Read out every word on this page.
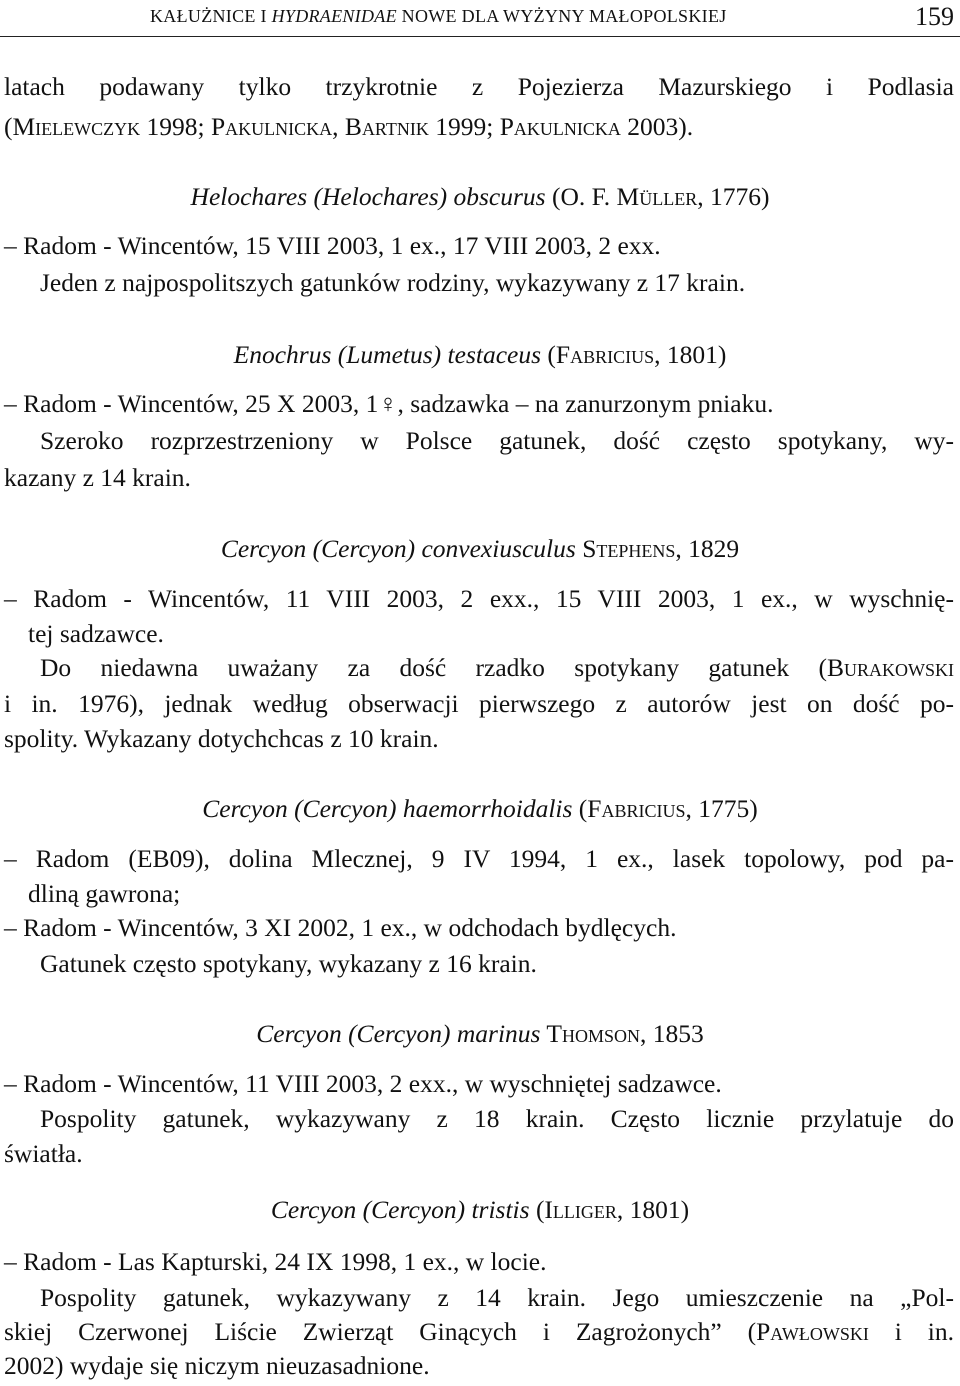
KAŁUŻNICE I HYDRAENIDAE NOWE DLA WYŻYNY MAŁOPOLSKIEJ	159
latach podawany tylko trzykrotnie z Pojezierza Mazurskiego i Podlasia
(Mielewczyk 1998; Pakulnicka, Bartnik 1999; Pakulnicka 2003).
Helochares (Helochares) obscurus (O. F. Müller, 1776)
– Radom - Wincentów, 15 VIII 2003, 1 ex., 17 VIII 2003, 2 exx.
Jeden z najpospolitszych gatunków rodziny, wykazywany z 17 krain.
Enochrus (Lumetus) testaceus (Fabricius, 1801)
– Radom - Wincentów, 25 X 2003, 1♀, sadzawka – na zanurzonym pniaku.
Szeroko rozprzestrzeniony w Polsce gatunek, dość często spotykany, wy-
kazany z 14 krain.
Cercyon (Cercyon) convexiusculus Stephens, 1829
– Radom - Wincentów, 11 VIII 2003, 2 exx., 15 VIII 2003, 1 ex., w wyschnię-
tej sadzawce.
Do niedawna uważany za dość rzadko spotykany gatunek (Burakowski
i in. 1976), jednak według obserwacji pierwszego z autorów jest on dość po-
spolity. Wykazany dotychchcas z 10 krain.
Cercyon (Cercyon) haemorrhoidalis (Fabricius, 1775)
– Radom (EB09), dolina Mlecznej, 9 IV 1994, 1 ex., lasek topolowy, pod pa-
dliną gawrona;
– Radom - Wincentów, 3 XI 2002, 1 ex., w odchodach bydlęcych.
Gatunek często spotykany, wykazany z 16 krain.
Cercyon (Cercyon) marinus Thomson, 1853
– Radom - Wincentów, 11 VIII 2003, 2 exx., w wyschniętej sadzawce.
Pospolity gatunek, wykazywany z 18 krain. Często licznie przylatuje do
światła.
Cercyon (Cercyon) tristis (Illiger, 1801)
– Radom - Las Kapturski, 24 IX 1998, 1 ex., w locie.
Pospolity gatunek, wykazywany z 14 krain. Jego umieszczenie na „Pol-
skiej Czerwonej Liście Zwierząt Ginących i Zagrożonych” (Pawłowski i in.
2002) wydaje się niczym nieuzasadnione.
